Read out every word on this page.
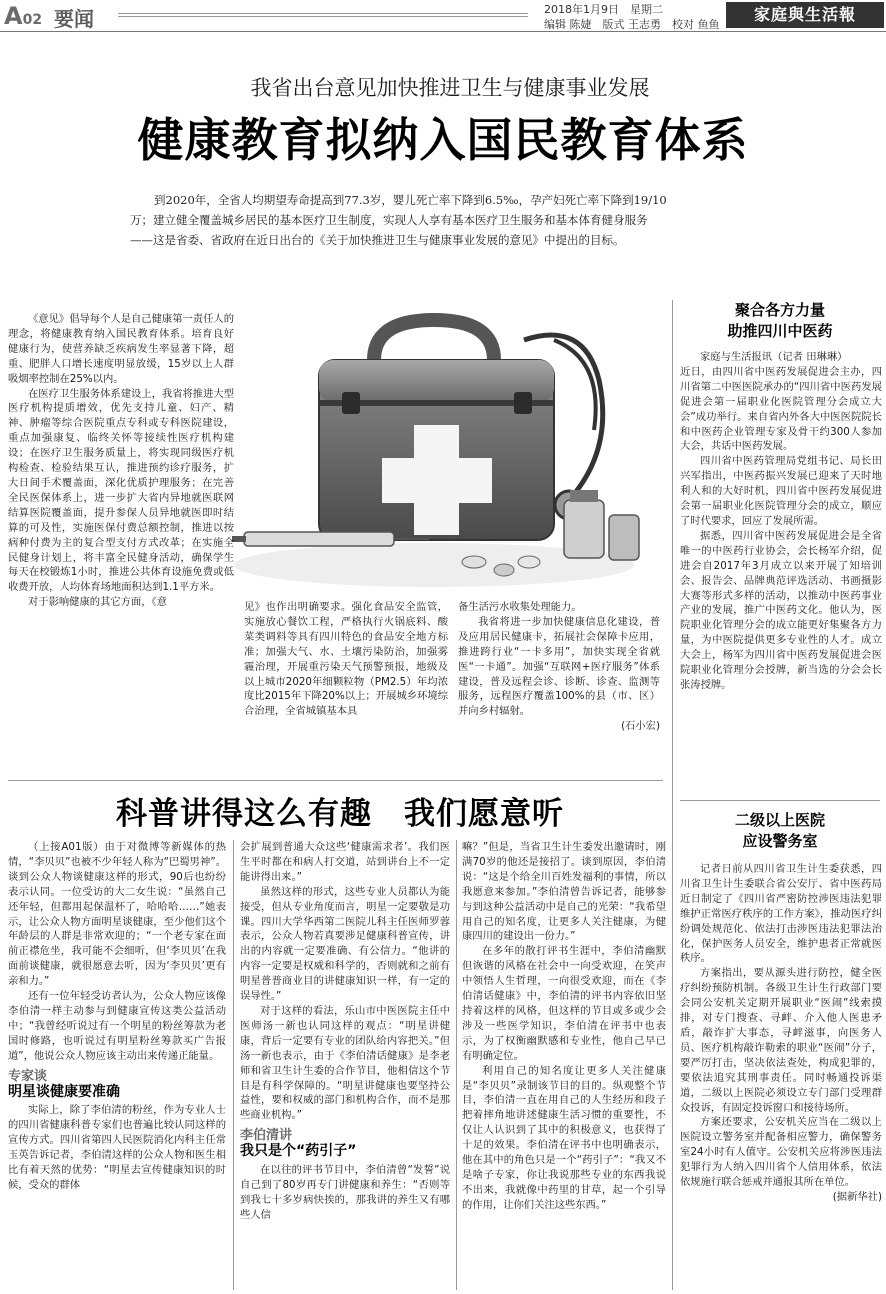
A02 要闻	2018年1月9日　星期二
编辑 陈婕　版式 王志勇　校对 鱼鱼
家庭與生活報
我省出台意见加快推进卫生与健康事业发展
健康教育拟纳入国民教育体系
到2020年，全省人均期望寿命提高到77.3岁，婴儿死亡率下降到6.5‰，孕产妇死亡率下降到19/10万；建立健全覆盖城乡居民的基本医疗卫生制度，实现人人享有基本医疗卫生服务和基本体育健身服务——这是省委、省政府在近日出台的《关于加快推进卫生与健康事业发展的意见》中提出的目标。

《意见》倡导每个人是自己健康第一责任人的理念，将健康教育纳入国民教育体系。培育良好健康行为，使营养缺乏疾病发生率显著下降，超重、肥胖人口增长速度明显放缓，15岁以上人群吸烟率控制在25%以内。

在医疗卫生服务体系建设上，我省将推进大型医疗机构提质增效，优先支持儿童、妇产、精神、肿瘤等综合医院重点专科或专科医院建设，重点加强康复、临终关怀等接续性医疗机构建设；在医疗卫生服务质量上，将实现同级医疗机构检查、检验结果互认，推进预约诊疗服务，扩大日间手术覆盖面，深化优质护理服务；在完善全民医保体系上，进一步扩大省内异地就医联网结算医院覆盖面，提升参保人员异地就医即时结算的可及性，实施医保付费总额控制，推进以按病种付费为主的复合型支付方式改革；在实施全民健身计划上，将丰富全民健身活动，确保学生每天在校锻炼1小时，推进公共体育设施免费或低收费开放，人均体育场地面积达到1.1平方米。

对于影响健康的其它方面，《意	见》也作出明确要求。强化食品安全监管，实施放心餐饮工程，严格执行火锅底料、酸菜类调料等具有四川特色的食品安全地方标准；加强大气、水、土壤污染防治，加强雾霾治理，开展重污染天气预警预报，地级及以上城市2020年细颗粒物（PM2.5）年均浓度比2015年下降20%以上；开展城乡环境综合治理，全省城镇基本具

备生活污水收集处理能力。

我省将进一步加快健康信息化建设，普及应用居民健康卡，拓展社会保障卡应用，推进跨行业“一卡多用”，加快实现全省就医“一卡通”。加强“互联网+医疗服务”体系建设，普及远程会诊、诊断、诊查、监测等服务，远程医疗覆盖100%的县（市、区）并向乡村辐射。

(石小宏)
聚合各方力量
助推四川中医药

家庭与生活报讯（记者 田琳琳）

近日，由四川省中医药发展促进会主办，四川省第二中医医院承办的“四川省中医药发展促进会第一届职业化医院管理分会成立大会”成功举行。来自省内外各大中医医院院长和中医药企业管理专家及骨干约300人参加大会，共话中医药发展。

四川省中医药管理局党组书记、局长田兴军指出，中医药振兴发展已迎来了天时地利人和的大好时机，四川省中医药发展促进会第一届职业化医院管理分会的成立，顺应了时代要求，回应了发展所需。

据悉，四川省中医药发展促进会是全省唯一的中医药行业协会，会长杨军介绍，促进会自2017年3月成立以来开展了知培训会、报告会、品牌典范评选活动、书画摄影大赛等形式多样的活动，以推动中医药事业产业的发展，推广中医药文化。他认为，医院职业化管理分会的成立能更好集聚各方力量，为中医院提供更多专业性的人才。成立大会上，杨军为四川省中医药发展促进会医院职业化管理分会授牌，新当选的分会会长张涛授牌。

二级以上医院
应设警务室

记者日前从四川省卫生计生委获悉，四川省卫生计生委联合省公安厅、省中医药局近日制定了《四川省严密防控涉医违法犯罪维护正常医疗秩序的工作方案》，推动医疗纠纷调处规范化、依法打击涉医违法犯罪法治化，保护医务人员安全，维护患者正常就医秩序。

方案指出，要从源头进行防控，健全医疗纠纷预防机制。各级卫生计生行政部门要会同公安机关定期开展职业“医闹”线索摸排，对专门搜查、寻衅、介入他人医患矛盾，敲诈扩大事态，寻衅滋事，向医务人员、医疗机构敲诈勒索的职业“医闹”分子，要严厉打击，坚决依法查处，构成犯罪的，要依法追究其刑事责任。同时畅通投诉渠道，二级以上医院必须设立专门部门受理群众投诉，有固定投诉窗口和接待场所。

方案还要求，公安机关应当在二级以上医院设立警务室并配备相应警力，确保警务室24小时有人值守。公安机关应将涉医违法犯罪行为人纳入四川省个人信用体系，依法依规施行联合惩戒并通报其所在单位。

(据新华社)
科普讲得这么有趣　我们愿意听

（上接A01版）由于对微博等新媒体的热情，“李贝贝”也被不少年轻人称为“巴蜀男神”。谈到公众人物谈健康这样的形式，90后也纷纷表示认同。一位受访的大二女生说：“虽然自己还年轻，但都用起保温杯了，哈哈哈……”她表示，让公众人物方面明星谈健康，至少他们这个年龄层的人群是非常欢迎的；“一个老专家在面前正襟危坐，我可能不会细听，但‘李贝贝’在我面前谈健康，就很愿意去听，因为‘李贝贝’更有亲和力。”

还有一位年轻受访者认为，公众人物应该像李伯清一样主动参与到健康宣传这类公益活动中；“我曾经听说过有一个明星的粉丝筹款为老国时修路，也听说过有明星粉丝筹款买广告报道”，他说公众人物应该主动出来传递正能量。

专家谈
明星谈健康要准确

实际上，除了李伯清的粉丝，作为专业人士的四川省健康科普专家们也普遍比较认同这样的宣传方式。四川省第四人民医院消化内科主任常玉英告诉记者，李伯清这样的公众人物和医生相比有着天然的优势：“明星去宣传健康知识的时候，受众的群体

会扩展到普通大众这些‘健康需求者’。我们医生平时都在和病人打交道，站到讲台上不一定能讲得出来。”

虽然这样的形式，这些专业人员都认为能接受，但从专业角度而言，明星一定要敬是功课。四川大学华西第二医院儿科主任医师罗蓉表示，公众人物若真要涉足健康科普宣传，讲出的内容就一定要准确、有公信力。“他讲的内容一定要是权威和科学的，否则就和之前有明星普普商业目的讲健康知识一样，有一定的误导性。”

对于这样的看法，乐山市中医医院主任中医师汤一新也认同这样的观点：“明星讲健康，背后一定要有专业的团队给内容把关。”但汤一新也表示，由于《李伯清话健康》是李老师和省卫生计生委的合作节目，他相信这个节目是有科学保障的。“明星讲健康也要坚持公益性，要和权威的部门和机构合作，而不是那些商业机构。”

李伯清讲
我只是个“药引子”

在以往的评书节目中，李伯清曾“发誓”说自己到了80岁再专门讲健康和养生：“否则等到我七十多岁病快挨的，那我讲的养生又有哪些人信

嘛？”但是，当省卫生计生委发出邀请时，刚满70岁的他还是接招了。谈到原因，李伯清说：“这是个给全川百姓发福利的事情，所以我愿意来参加。”李伯清曾告诉记者，能够参与到这种公益活动中是自己的光荣：“我希望用自己的知名度，让更多人关注健康，为健康四川的建设出一份力。”

在多年的散打评书生涯中，李伯清幽默但诙谐的风格在社会中一向受欢迎，在笑声中领悟人生哲理，一向很受欢迎，而在《李伯清话健康》中，李伯清的评书内容依旧坚持着这样的风格，但这样的节目或多或少会涉及一些医学知识，李伯清在评书中也表示，为了权衡幽默感和专业性，他自己早已有明确定位。

利用自己的知名度让更多人关注健康是“李贝贝”录制该节目的目的。纵观整个节目，李伯清一直在用自己的人生经历和段子把着摔角地讲述健康生活习惯的重要性，不仅让人认识到了其中的积极意义，也获得了十足的效果。李伯清在评书中也明确表示，他在其中的角色只是一个“药引子”：“我又不是啥子专家，你让我说那些专业的东西我说不出来，我就像中药里的甘草，起一个引导的作用，让你们关注这些东西。”
